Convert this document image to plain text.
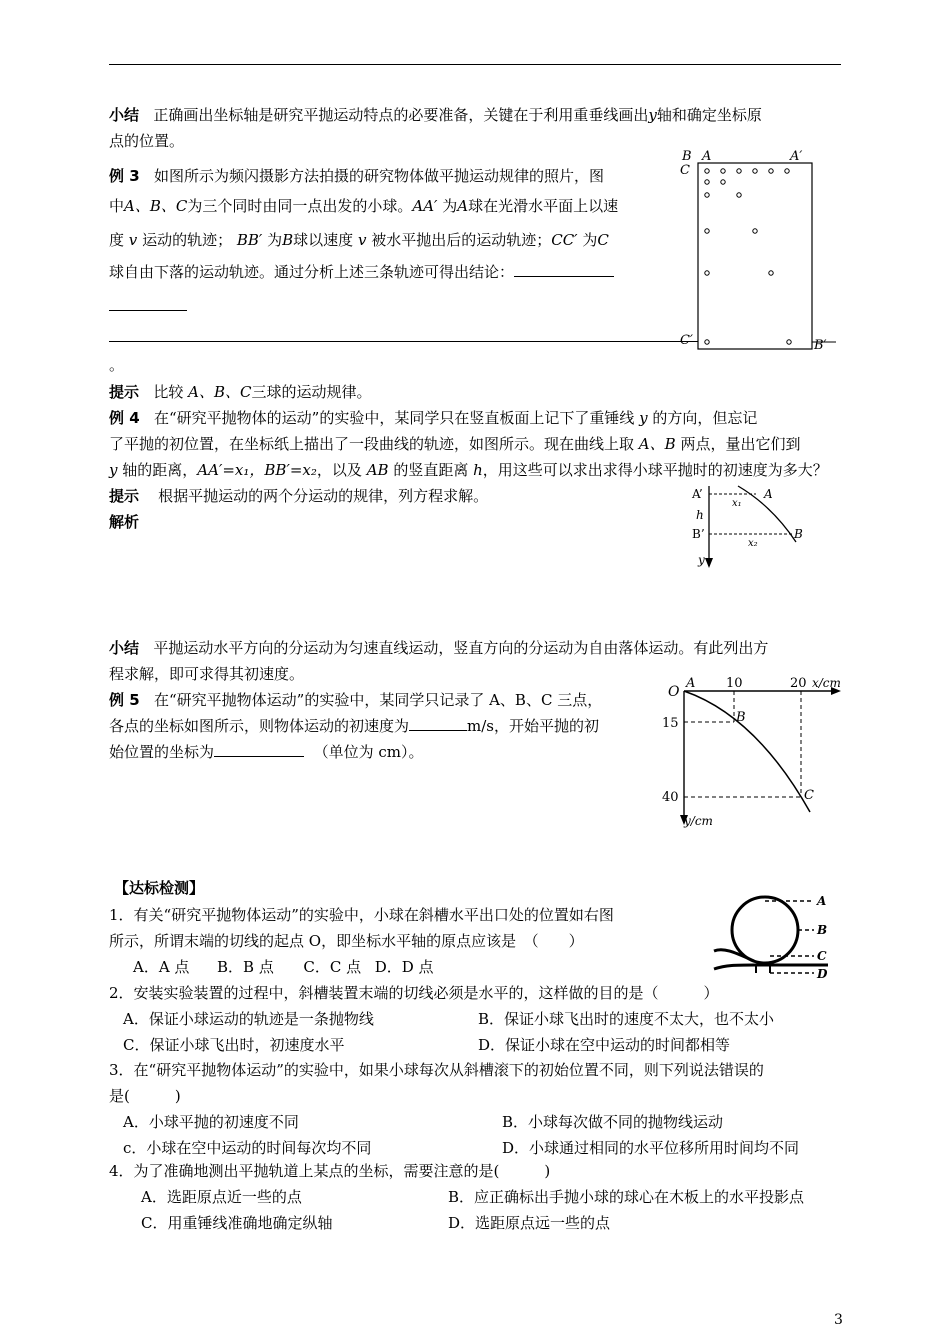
小结 正确画出坐标轴是研究平抛运动特点的必要准备，关键在于利用重垂线画出y轴和确定坐标原
点的位置。
例 3 如图所示为频闪摄影方法拍摄的研究物体做平抛运动规律的照片，图
中A、B、C为三个同时由同一点出发的小球。AA′ 为A球在光滑水平面上以速
度 v 运动的轨迹； BB′ 为B球以速度 v 被水平抛出后的运动轨迹；CC′ 为C
球自由下落的运动轨迹。通过分析上述三条轨迹可得出结论：
。
B A	A′
C
C′	B′
提示 比较 A、B、C三球的运动规律。
例 4 在“研究平抛物体的运动”的实验中，某同学只在竖直板面上记下了重锤线 y 的方向，但忘记
了平抛的初位置，在坐标纸上描出了一段曲线的轨迹，如图所示。现在曲线上取 A、B 两点，量出它们到
y 轴的距离，AA′=x₁，BB′=x₂，以及 AB 的竖直距离 h，用这些可以求出求得小球平抛时的初速度为多大？
提示 根据平抛运动的两个分运动的规律，列方程求解。
解析
A’	A
h
x₁
B’	B
x₂
y
小结 平抛运动水平方向的分运动为匀速直线运动，竖直方向的分运动为自由落体运动。有此列出方
程求解，即可求得其初速度。
例 5 在“研究平抛物体运动”的实验中，某同学只记录了 A、B、C 三点，
各点的坐标如图所示，则物体运动的初速度为	m/s，开始平抛的初
始位置的坐标为	（单位为 cm）。
O
A 10	20 x/cm
15	B
40	C
y/cm
【达标检测】
1．有关“研究平抛物体运动”的实验中，小球在斜槽水平出口处的位置如右图
所示，所谓末端的切线的起点 O，即坐标水平轴的原点应该是　（　　）
A．A 点 B．B 点 C．C 点 D．D 点
A
B
C
D
2．安装实验装置的过程中，斜槽装置末端的切线必须是水平的，这样做的目的是（　　　）
A．保证小球运动的轨迹是一条抛物线	B．保证小球飞出时的速度不太大，也不太小
C．保证小球飞出时，初速度水平	D．保证小球在空中运动的时间都相等
3．在“研究平抛物体运动”的实验中，如果小球每次从斜槽滚下的初始位置不同，则下列说法错误的
是(　　　)
A．小球平抛的初速度不同	B．小球每次做不同的抛物线运动
c．小球在空中运动的时间每次均不同	D．小球通过相同的水平位移所用时间均不同
4．为了准确地测出平抛轨道上某点的坐标，需要注意的是(　　　)
A．选距原点近一些的点	B．应正确标出手抛小球的球心在木板上的水平投影点
C．用重锤线准确地确定纵轴	D．选距原点远一些的点
3
